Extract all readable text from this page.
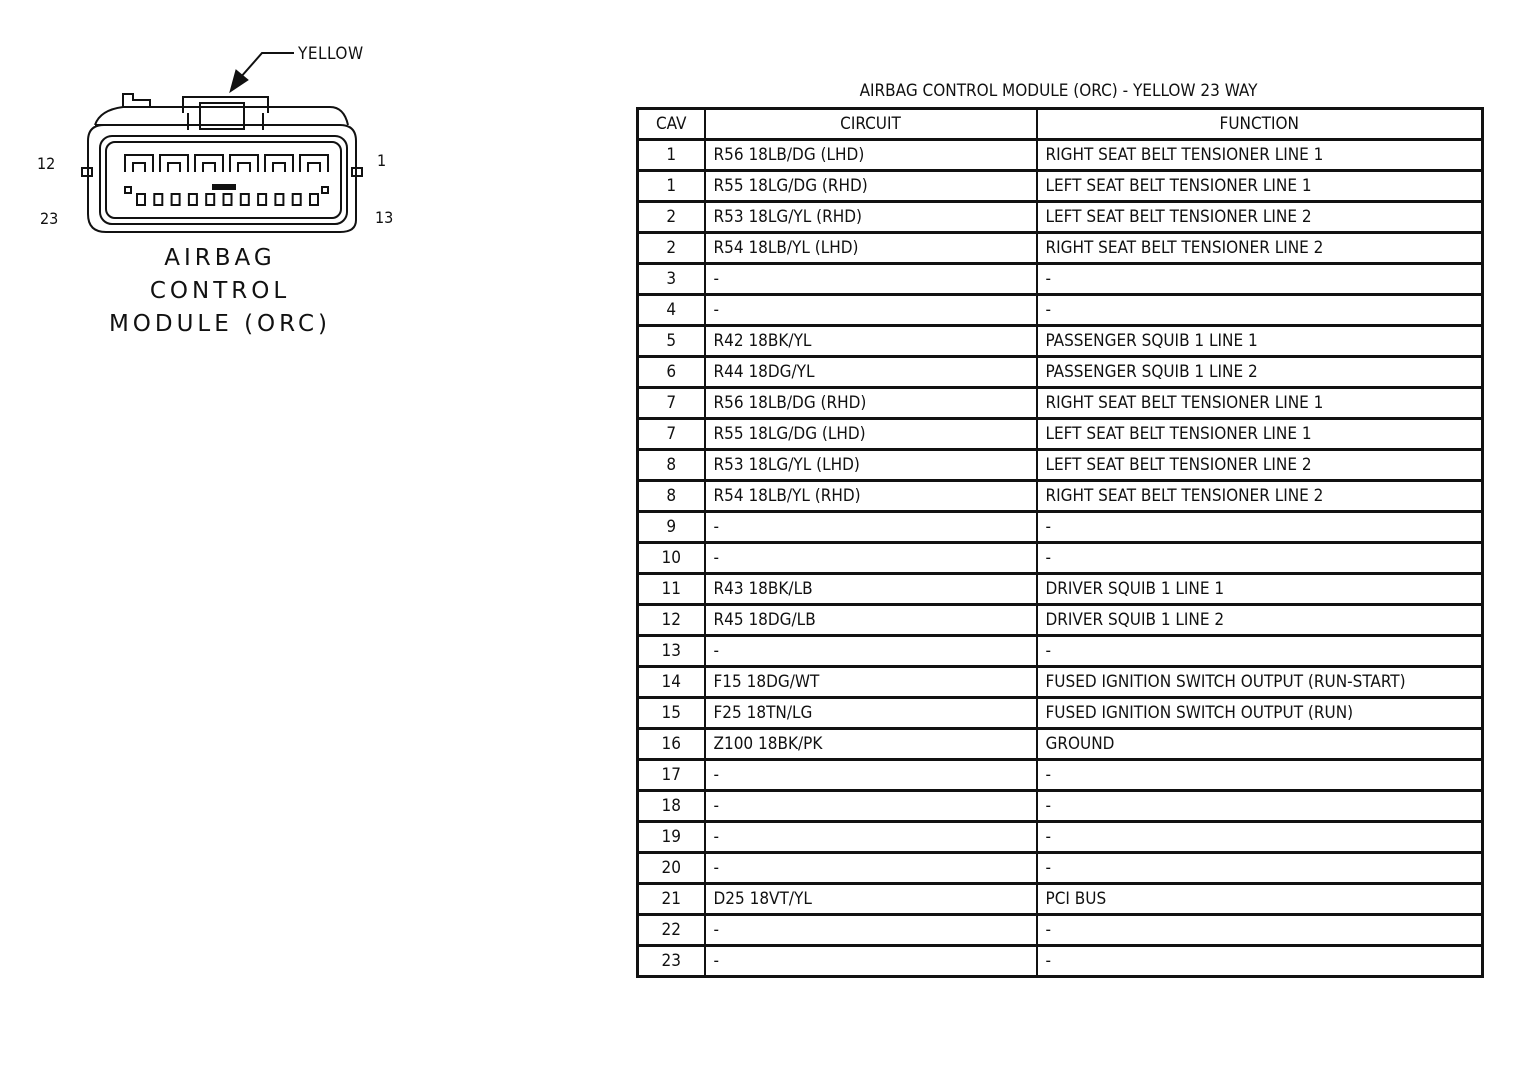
YELLOW
12	1
23	13
AIRBAG
CONTROL
MODULE (ORC)
AIRBAG CONTROL MODULE (ORC) - YELLOW 23 WAY
CAV	CIRCUIT	FUNCTION
1	R56 18LB/DG (LHD)	RIGHT SEAT BELT TENSIONER LINE 1
1	R55 18LG/DG (RHD)	LEFT SEAT BELT TENSIONER LINE 1
2	R53 18LG/YL (RHD)	LEFT SEAT BELT TENSIONER LINE 2
2	R54 18LB/YL (LHD)	RIGHT SEAT BELT TENSIONER LINE 2
3	-	-
4	-	-
5	R42 18BK/YL	PASSENGER SQUIB 1 LINE 1
6	R44 18DG/YL	PASSENGER SQUIB 1 LINE 2
7	R56 18LB/DG (RHD)	RIGHT SEAT BELT TENSIONER LINE 1
7	R55 18LG/DG (LHD)	LEFT SEAT BELT TENSIONER LINE 1
8	R53 18LG/YL (LHD)	LEFT SEAT BELT TENSIONER LINE 2
8	R54 18LB/YL (RHD)	RIGHT SEAT BELT TENSIONER LINE 2
9	-	-
10	-	-
11	R43 18BK/LB	DRIVER SQUIB 1 LINE 1
12	R45 18DG/LB	DRIVER SQUIB 1 LINE 2
13	-	-
14	F15 18DG/WT	FUSED IGNITION SWITCH OUTPUT (RUN-START)
15	F25 18TN/LG	FUSED IGNITION SWITCH OUTPUT (RUN)
16	Z100 18BK/PK	GROUND
17	-	-
18	-	-
19	-	-
20	-	-
21	D25 18VT/YL	PCI BUS
22	-	-
23	-	-
